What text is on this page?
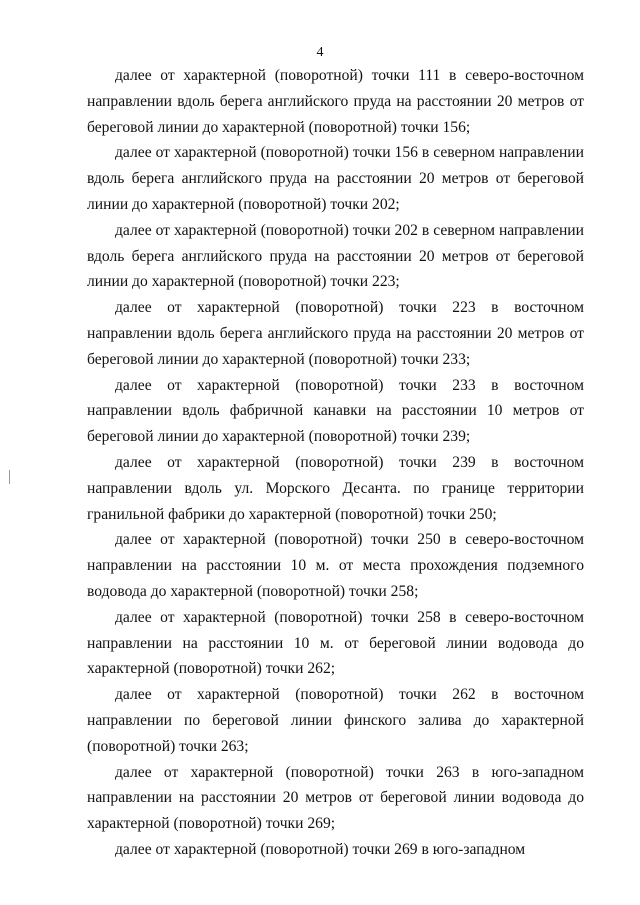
4

далее от характерной (поворотной) точки 111 в северо-восточном направлении вдоль берега английского пруда на расстоянии 20 метров от береговой линии до характерной (поворотной) точки 156;

далее от характерной (поворотной) точки 156 в северном направлении вдоль берега английского пруда на расстоянии 20 метров от береговой линии до характерной (поворотной) точки 202;

далее от характерной (поворотной) точки 202 в северном направлении вдоль берега английского пруда на расстоянии 20 метров от береговой линии до характерной (поворотной) точки 223;

далее от характерной (поворотной) точки 223 в восточном направлении вдоль берега английского пруда на расстоянии 20 метров от береговой линии до характерной (поворотной) точки 233;

далее от характерной (поворотной) точки 233 в восточном направлении вдоль фабричной канавки на расстоянии 10 метров от береговой линии до характерной (поворотной) точки 239;

далее от характерной (поворотной) точки 239 в восточном направлении вдоль ул. Морского Десанта. по границе территории гранильной фабрики до характерной (поворотной) точки 250;

далее от характерной (поворотной) точки 250 в северо-восточном направлении на расстоянии 10 м. от места прохождения подземного водовода до характерной (поворотной) точки 258;

далее от характерной (поворотной) точки 258 в северо-восточном направлении на расстоянии 10 м. от береговой линии водовода до характерной (поворотной) точки 262;

далее от характерной (поворотной) точки 262 в восточном направлении по береговой линии финского залива до характерной (поворотной) точки 263;

далее от характерной (поворотной) точки 263 в юго-западном направлении на расстоянии 20 метров от береговой линии водовода до характерной (поворотной) точки 269;

далее от характерной (поворотной) точки 269 в юго-западном
